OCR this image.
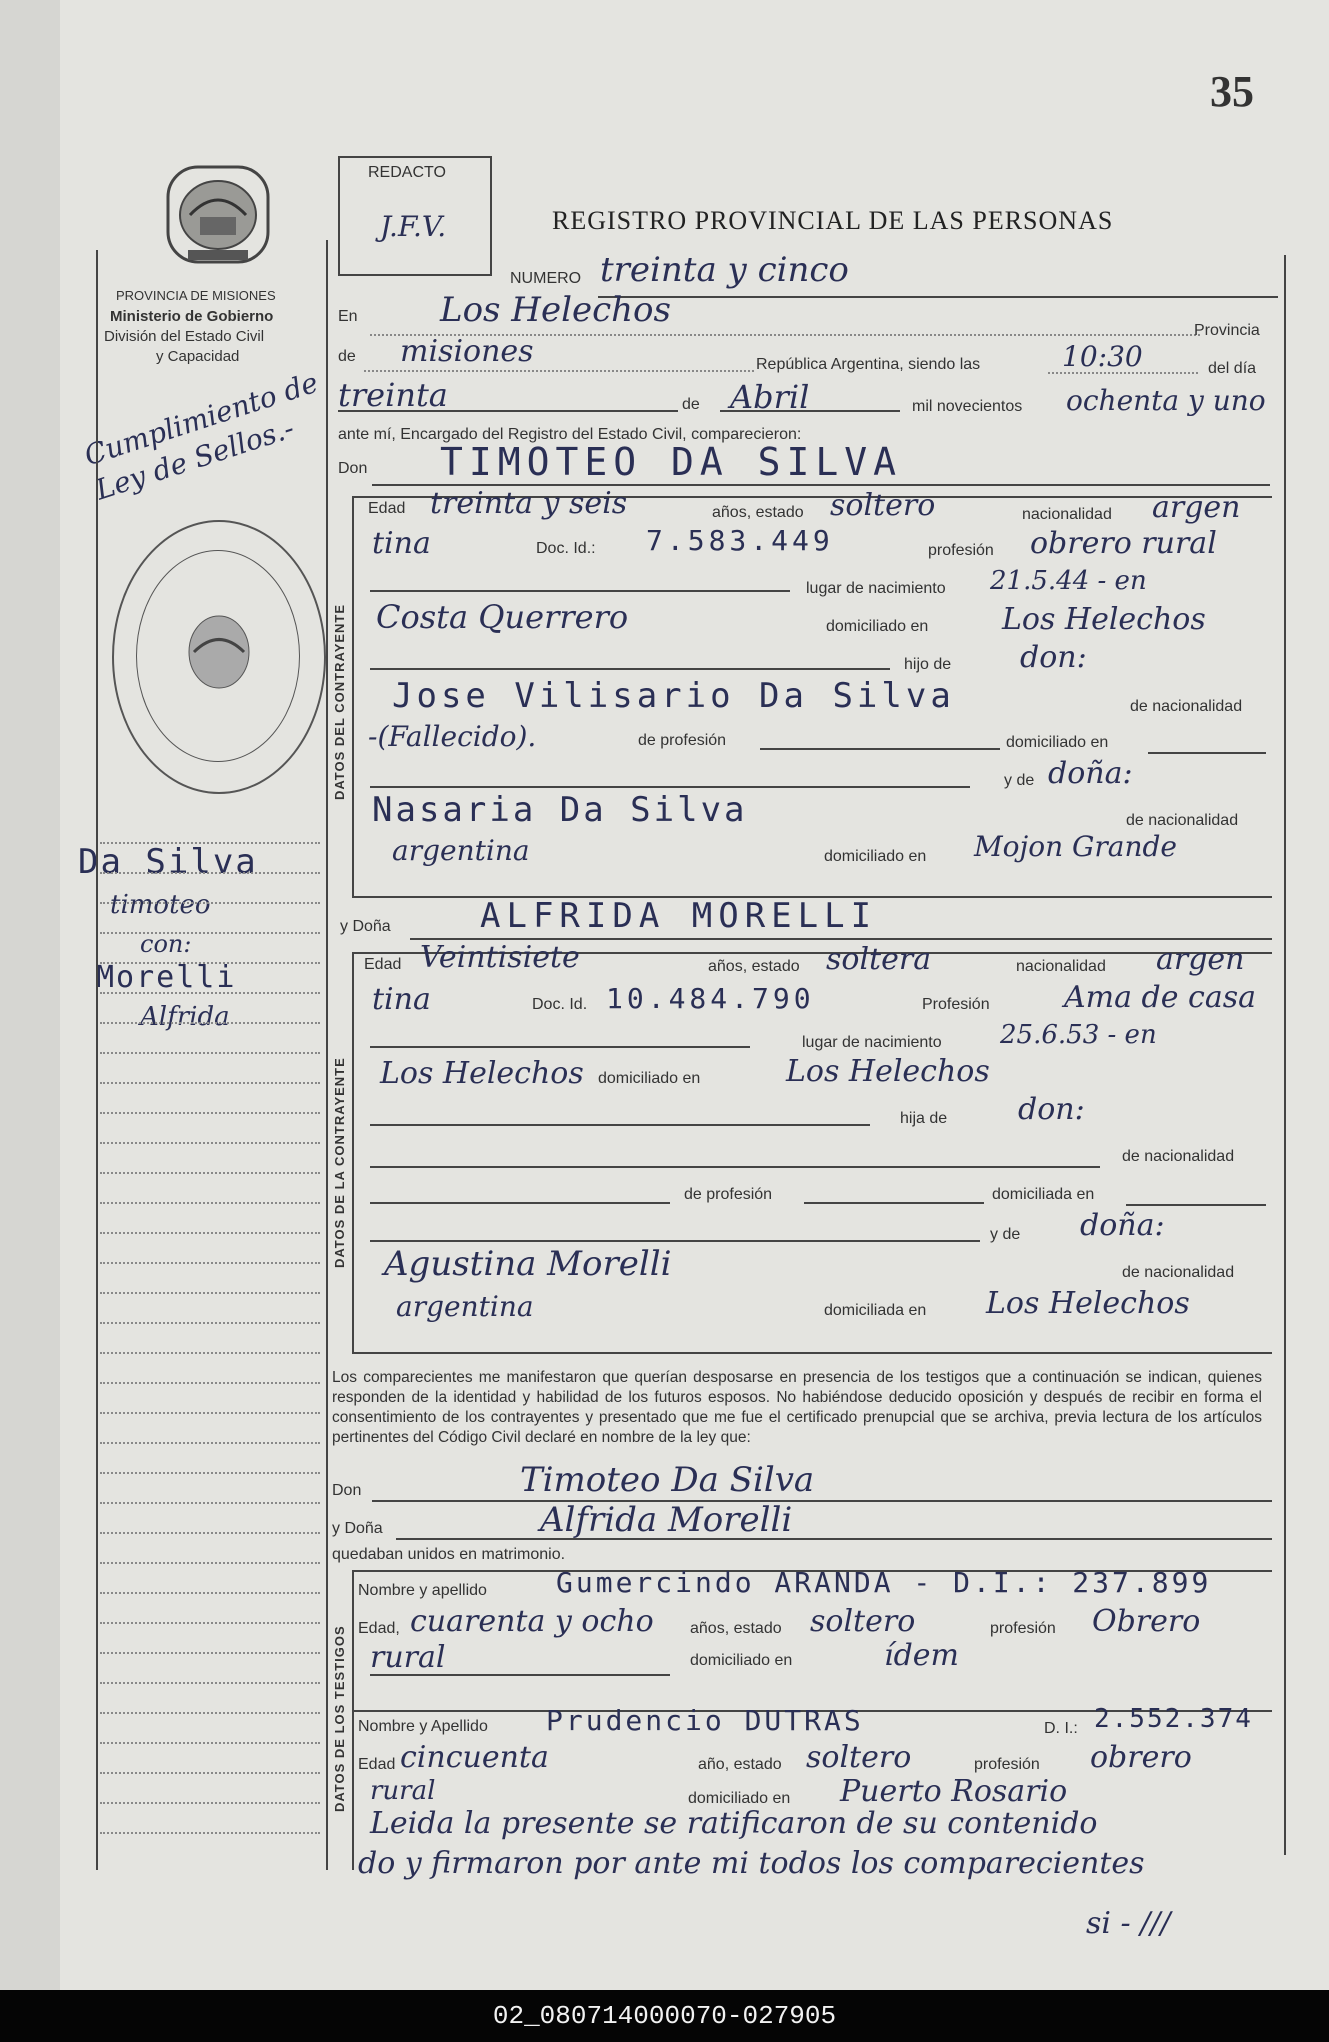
35
PROVINCIA DE MISIONES
Ministerio de Gobierno
División del Estado Civil
y Capacidad
Cumplimiento de Ley de Sellos.-
Da Silva
timoteo
con:
Morelli
Alfrida
REDACTO
J.F.V.	REGISTRO PROVINCIAL DE LAS PERSONAS
NUMERO treinta y cinco
En Los Helechos
Provincia
de misiones	República Argentina, siendo las	10:30	del día
treinta	de Abril	mil novecientos ochenta y uno
ante mí, Encargado del Registro del Estado Civil, comparecieron:
Don TIMOTEO DA SILVA
DATOS DEL CONTRAYENTE
Edad treinta y seis	años, estado soltero	nacionalidad argen
tina	Doc. Id.: 7.583.449	profesión obrero rural
lugar de nacimiento 21.5.44 - en
Costa Querrero	domiciliado en Los Helechos
hijo de don:
Jose Vilisario Da Silva	de nacionalidad
-(Fallecido).	de profesión	domiciliado en
y de doña:
Nasaria Da Silva	de nacionalidad
argentina	domiciliado en Mojon Grande
y Doña	ALFRIDA MORELLI
DATOS DE LA CONTRAYENTE
Edad Veintisiete	años, estado soltera	nacionalidad argen
tina	Doc. Id. 10.484.790	Profesión Ama de casa
lugar de nacimiento 25.6.53 - en
Los Helechos domiciliado en	Los Helechos
hija de don:
de nacionalidad
de profesión	domiciliada en
y de doña:
Agustina Morelli	de nacionalidad
argentina	domiciliada en Los Helechos
Los comparecientes me manifestaron que querían desposarse en presencia de los testigos que a continuación se indican, quienes responden de la identidad y habilidad de los futuros esposos. No habiéndose deducido oposición y después de recibir en forma el consentimiento de los contrayentes y presentado que me fue el certificado prenupcial que se archiva, previa lectura de los artículos pertinentes del Código Civil declaré en nombre de la ley que:
Don	Timoteo Da Silva
y Doña	Alfrida Morelli
quedaban unidos en matrimonio.
DATOS DE LOS TESTIGOS
Nombre y apellido Gumercindo ARANDA - D.I.: 237.899
Edad, cuarenta y ocho años, estado soltero	profesión Obrero
rural	domiciliado en	ídem
Nombre y Apellido Prudencio DUTRAS	D. I.: 2.552.374
Edad cincuenta	año, estado soltero	profesión obrero
rural	domiciliado en Puerto Rosario
Leida la presente se ratificaron de su contenido
do y firmaron por ante mi todos los comparecientes
si - ///
02_080714000070-027905
